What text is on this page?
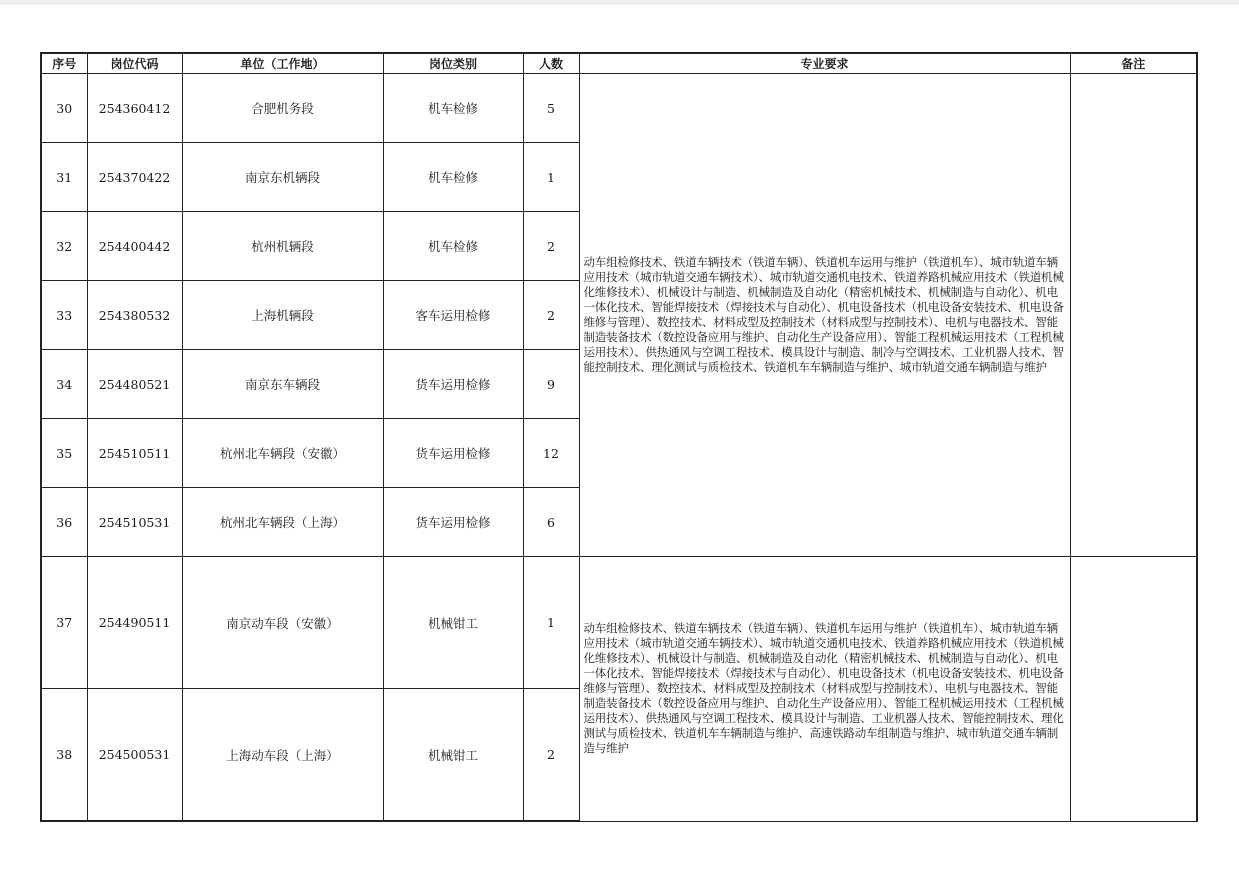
序号	岗位代码	单位（工作地）	岗位类别	人数	专业要求	备注
30	254360412	合肥机务段	机车检修	5	动车组检修技术、铁道车辆技术（铁道车辆）、铁道机车运用与维护（铁道机车）、城市轨道车辆应用技术（城市轨道交通车辆技术）、城市轨道交通机电技术、铁道养路机械应用技术（铁道机械化维修技术）、机械设计与制造、机械制造及自动化（精密机械技术、机械制造与自动化）、机电一体化技术、智能焊接技术（焊接技术与自动化）、机电设备技术（机电设备安装技术、机电设备维修与管理）、数控技术、材料成型及控制技术（材料成型与控制技术）、电机与电器技术、智能制造装备技术（数控设备应用与维护、自动化生产设备应用）、智能工程机械运用技术（工程机械运用技术）、供热通风与空调工程技术、模具设计与制造、制冷与空调技术、工业机器人技术、智能控制技术、理化测试与质检技术、铁道机车车辆制造与维护、城市轨道交通车辆制造与维护	
31	254370422	南京东机辆段	机车检修	1		
32	254400442	杭州机辆段	机车检修	2		
33	254380532	上海机辆段	客车运用检修	2		
34	254480521	南京东车辆段	货车运用检修	9		
35	254510511	杭州北车辆段（安徽）	货车运用检修	12		
36	254510531	杭州北车辆段（上海）	货车运用检修	6		
37	254490511	南京动车段（安徽）	机械钳工	1	动车组检修技术、铁道车辆技术（铁道车辆）、铁道机车运用与维护（铁道机车）、城市轨道车辆应用技术（城市轨道交通车辆技术）、城市轨道交通机电技术、铁道养路机械应用技术（铁道机械化维修技术）、机械设计与制造、机械制造及自动化（精密机械技术、机械制造与自动化）、机电一体化技术、智能焊接技术（焊接技术与自动化）、机电设备技术（机电设备安装技术、机电设备维修与管理）、数控技术、材料成型及控制技术（材料成型与控制技术）、电机与电器技术、智能制造装备技术（数控设备应用与维护、自动化生产设备应用）、智能工程机械运用技术（工程机械运用技术）、供热通风与空调工程技术、模具设计与制造、工业机器人技术、智能控制技术、理化测试与质检技术、铁道机车车辆制造与维护、高速铁路动车组制造与维护、城市轨道交通车辆制造与维护	
38	254500531	上海动车段（上海）	机械钳工	2		
